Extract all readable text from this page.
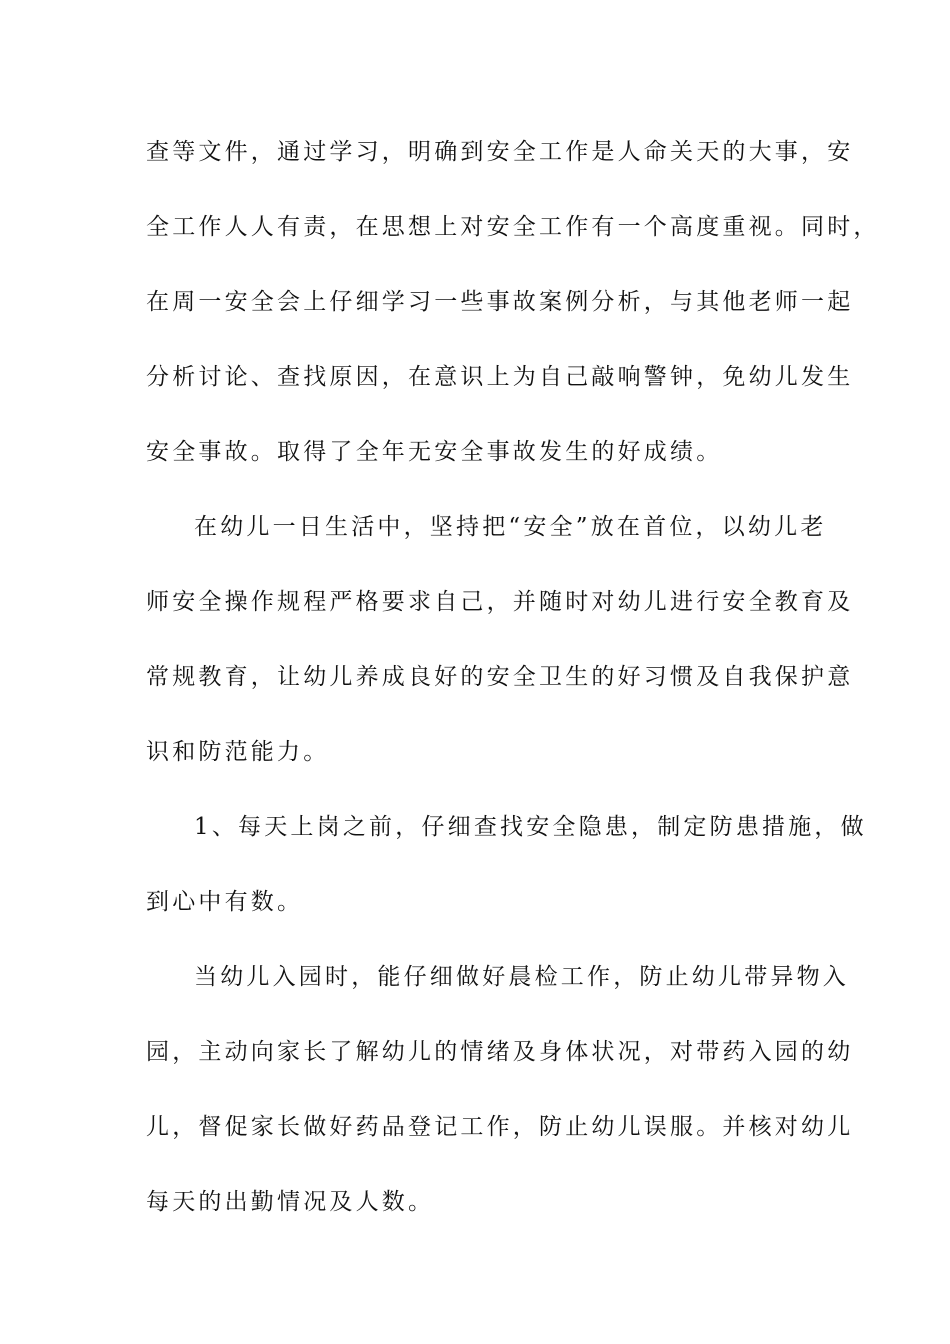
查等文件，通过学习，明确到安全工作是人命关天的大事，安
全工作人人有责，在思想上对安全工作有一个高度重视。同时，
在周一安全会上仔细学习一些事故案例分析，与其他老师一起
分析讨论、查找原因，在意识上为自己敲响警钟，免幼儿发生
安全事故。取得了全年无安全事故发生的好成绩。
在幼儿一日生活中，坚持把“安全”放在首位，以幼儿老
师安全操作规程严格要求自己，并随时对幼儿进行安全教育及
常规教育，让幼儿养成良好的安全卫生的好习惯及自我保护意
识和防范能力。
1、每天上岗之前，仔细查找安全隐患，制定防患措施，做
到心中有数。
当幼儿入园时，能仔细做好晨检工作，防止幼儿带异物入
园，主动向家长了解幼儿的情绪及身体状况，对带药入园的幼
儿，督促家长做好药品登记工作，防止幼儿误服。并核对幼儿
每天的出勤情况及人数。
